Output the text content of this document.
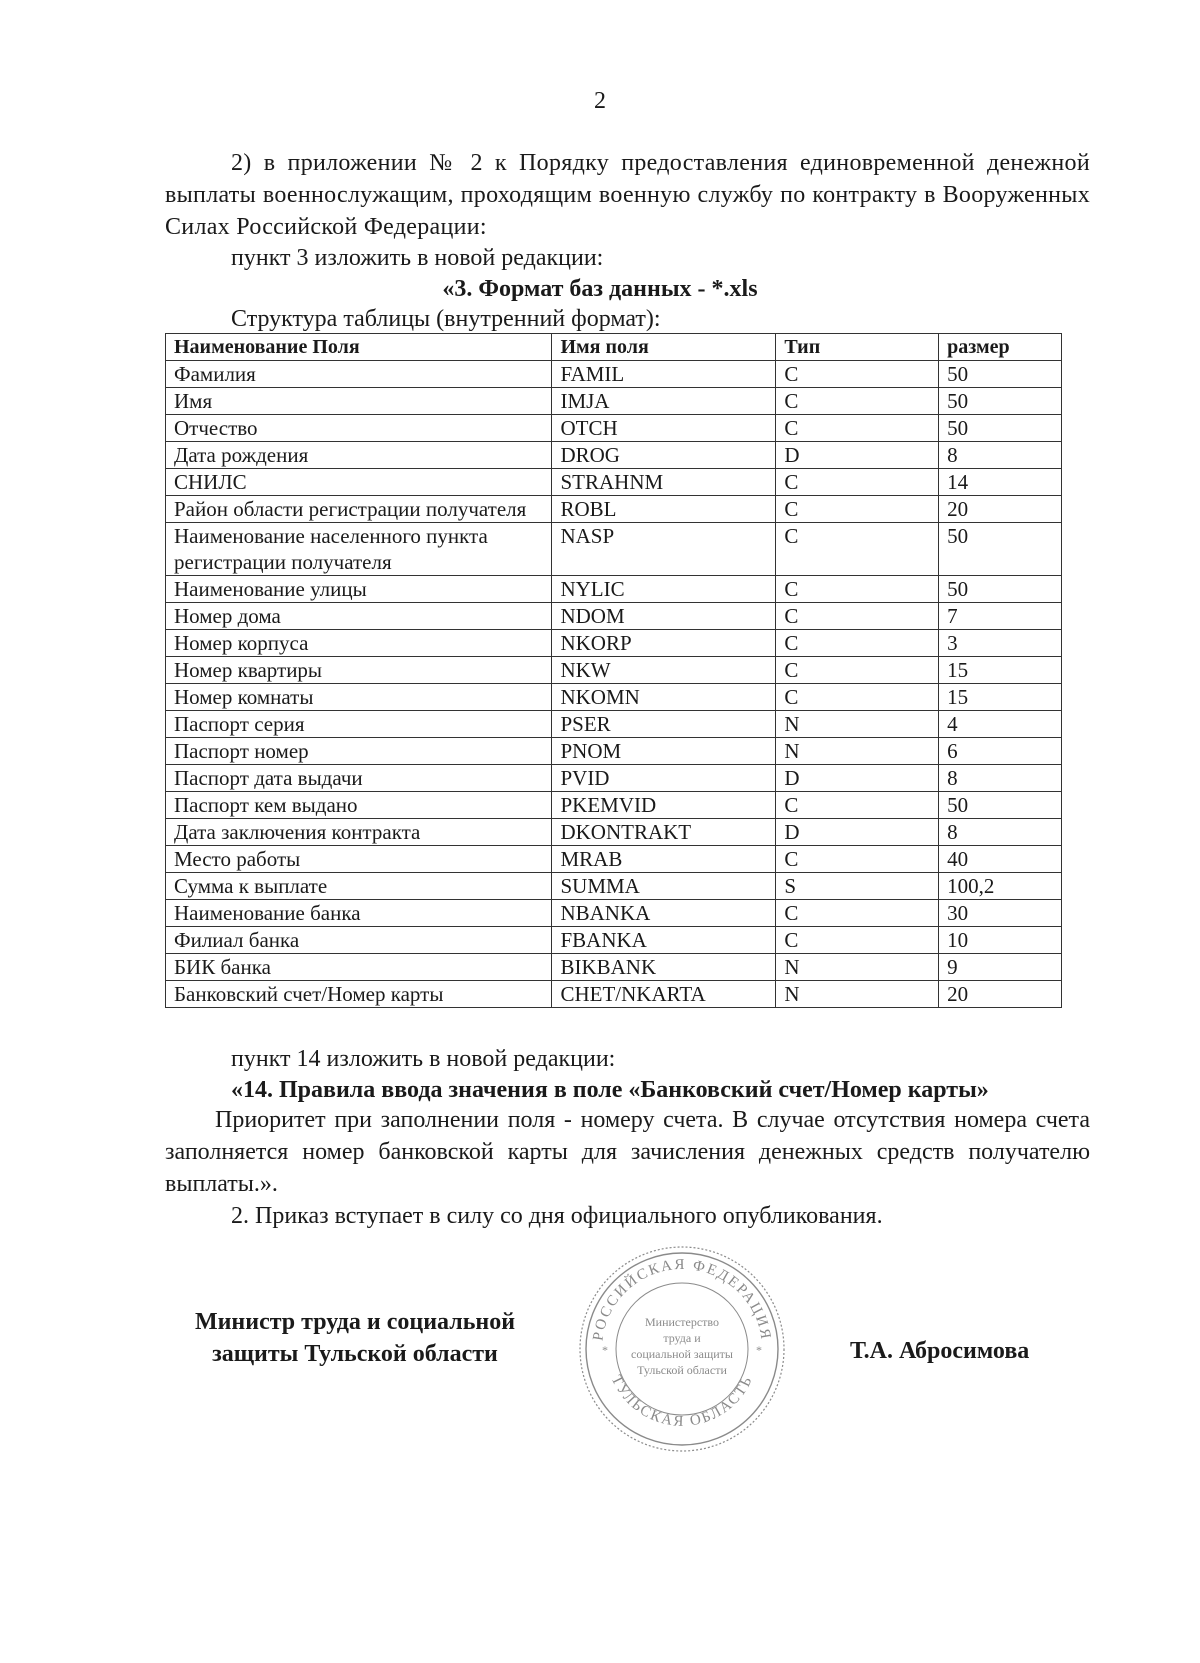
2

2) в приложении № 2 к Порядку предоставления единовременной денежной выплаты военнослужащим, проходящим военную службу по контракту в Вооруженных Силах Российской Федерации:

пункт 3 изложить в новой редакции:

«3. Формат баз данных - *.xls

Структура таблицы (внутренний формат):

Наименование Поля	Имя поля	Тип	размер
Фамилия	FAMIL	C	50
Имя	IMJA	C	50
Отчество	OTCH	C	50
Дата рождения	DROG	D	8
СНИЛС	STRAHNM	C	14
Район области регистрации получателя	ROBL	C	20
Наименование населенного пункта регистрации получателя	NASP	C	50
Наименование улицы	NYLIC	C	50
Номер дома	NDOM	C	7
Номер корпуса	NKORP	C	3
Номер квартиры	NKW	C	15
Номер комнаты	NKOMN	C	15
Паспорт серия	PSER	N	4
Паспорт номер	PNOM	N	6
Паспорт дата выдачи	PVID	D	8
Паспорт кем выдано	PKEMVID	C	50
Дата заключения контракта	DKONTRAKT	D	8
Место работы	MRAB	C	40
Сумма к выплате	SUMMA	S	100,2
Наименование банка	NBANKA	C	30
Филиал банка	FBANKA	C	10
БИК банка	BIKBANK	N	9
Банковский счет/Номер карты	CHET/NKARTA	N	20

пункт 14 изложить в новой редакции:

«14. Правила ввода значения в поле «Банковский счет/Номер карты»

Приоритет при заполнении поля - номеру счета. В случае отсутствия номера счета заполняется номер банковской карты для зачисления денежных средств получателю выплаты.».

2. Приказ вступает в силу со дня официального опубликования.

Министр труда и социальной
защиты Тульской области
РОССИЙСКАЯ ФЕДЕРАЦИЯ
ТУЛЬСКАЯ ОБЛАСТЬ
Министерство
труда и
социальной защиты
Тульской области
*	*	Т.А. Абросимова
